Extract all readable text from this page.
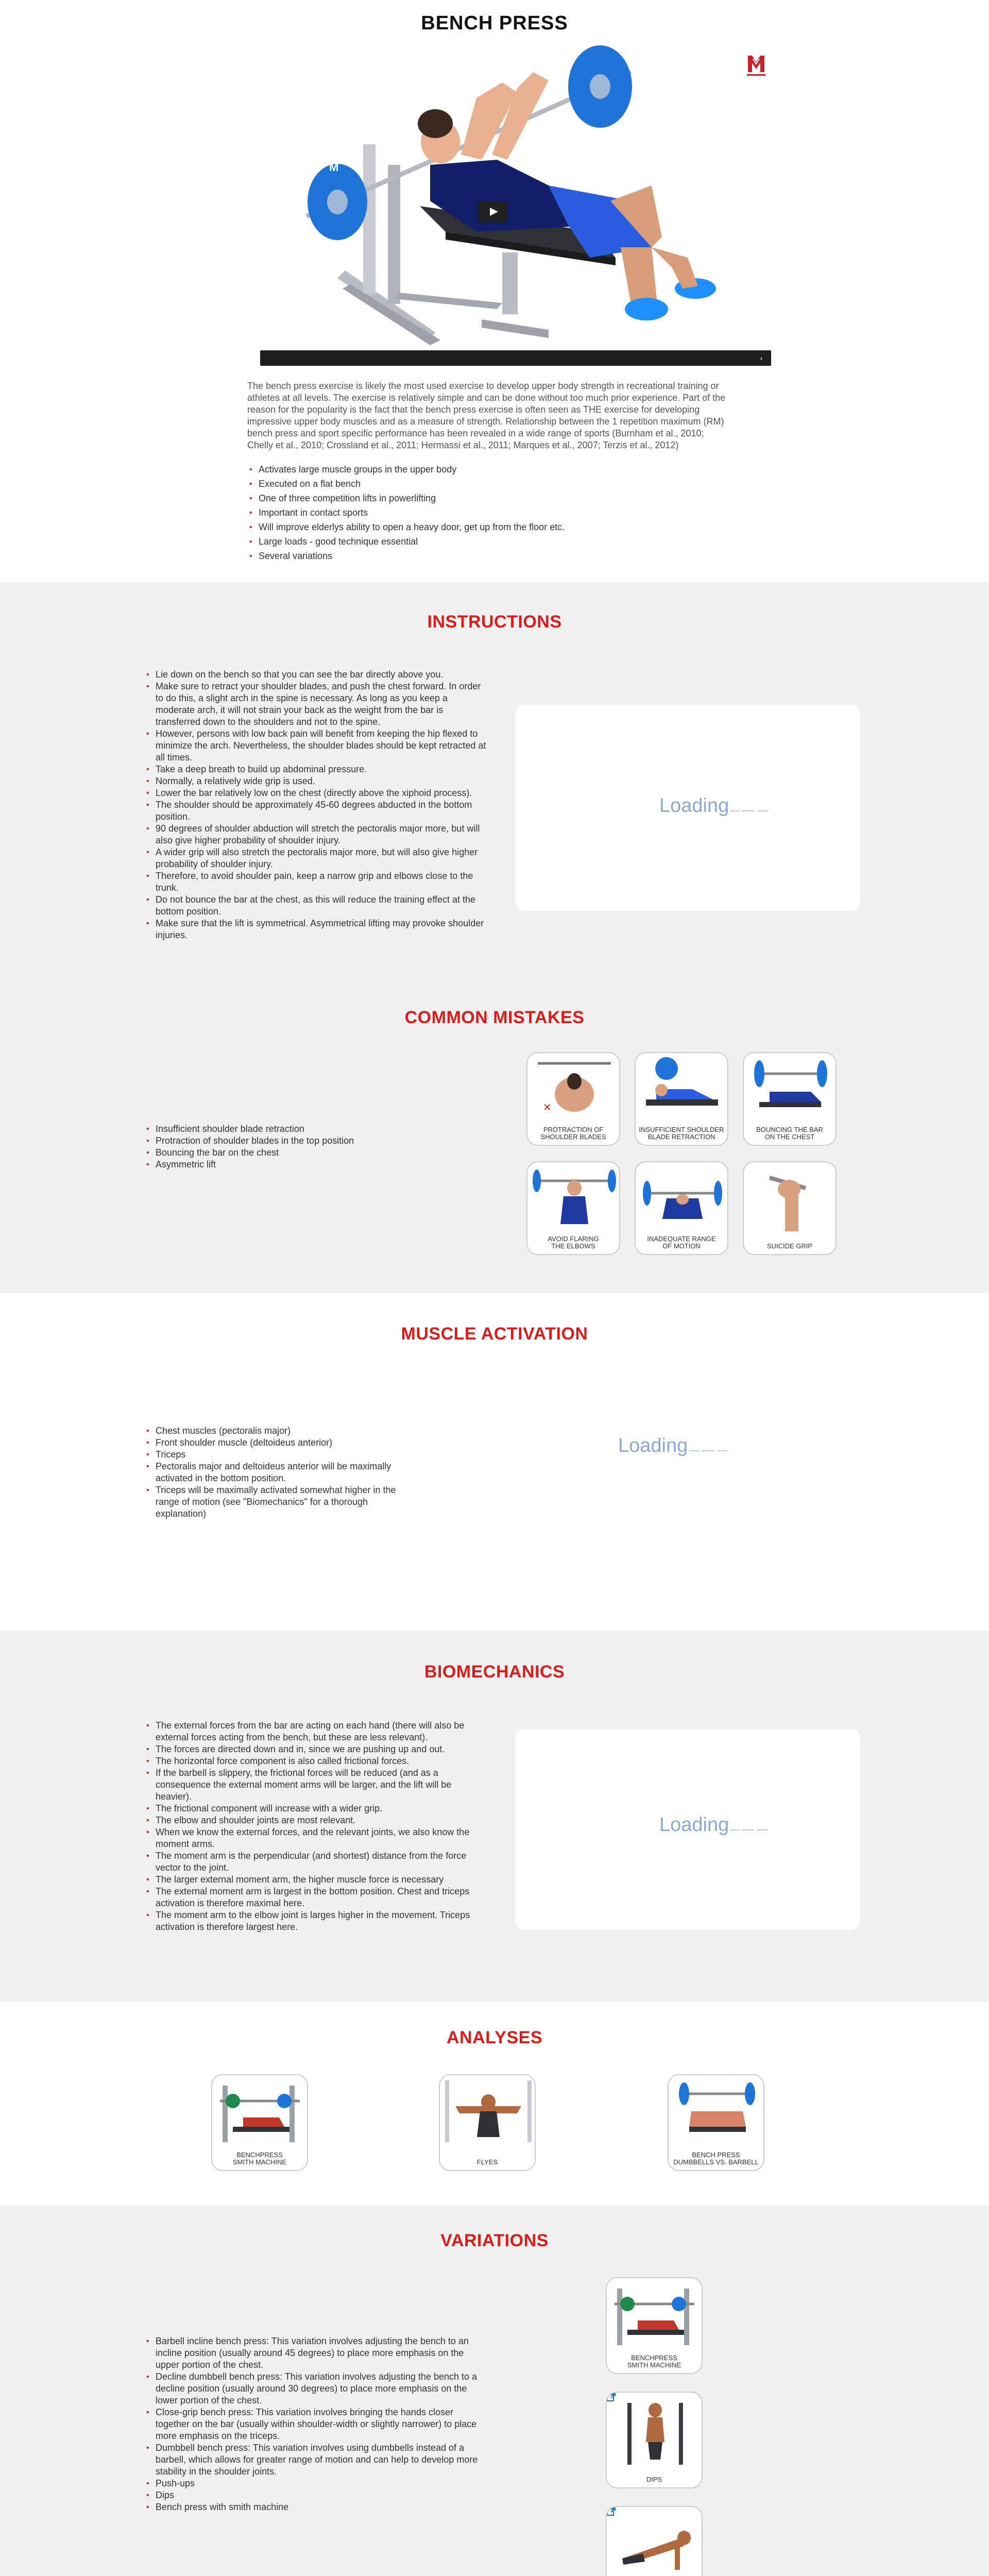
BENCH PRESS
M
‹

The bench press exercise is likely the most used exercise to develop upper body strength in recreational training or athletes at all levels. The exercise is relatively simple and can be done without too much prior experience. Part of the reason for the popularity is the fact that the bench press exercise is often seen as THE exercise for developing impressive upper body muscles and as a measure of strength. Relationship between the 1 repetition maximum (RM) bench press and sport specific performance has been revealed in a wide range of sports (Burnham et al., 2010; Chelly et al., 2010; Crossland et al., 2011; Hermassi et al., 2011; Marques et al., 2007; Terzis et al., 2012)

• Activates large muscle groups in the upper body
• Executed on a flat bench
• One of three competition lifts in powerlifting
• Important in contact sports
• Will improve elderlys ability to open a heavy door, get up from the floor etc.
• Large loads - good technique essential
• Several variations
INSTRUCTIONS
• Lie down on the bench so that you can see the bar directly above you.
• Make sure to retract your shoulder blades, and push the chest forward. In order to do this, a slight arch in the spine is necessary. As long as you keep a moderate arch, it will not strain your back as the weight from the bar is transferred down to the shoulders and not to the spine.
• However, persons with low back pain will benefit from keeping the hip flexed to minimize the arch. Nevertheless, the shoulder blades should be kept retracted at all times.
• Take a deep breath to build up abdominal pressure.
• Normally, a relatively wide grip is used.
• Lower the bar relatively low on the chest (directly above the xiphoid process).
• The shoulder should be approximately 45-60 degrees abducted in the bottom position.
• 90 degrees of shoulder abduction will stretch the pectoralis major more, but will also give higher probability of shoulder injury.
• A wider grip will also stretch the pectoralis major more, but will also give higher probability of shoulder injury.
• Therefore, to avoid shoulder pain, keep a narrow grip and elbows close to the trunk.
• Do not bounce the bar at the chest, as this will reduce the training effect at the bottom position.
• Make sure that the lift is symmetrical. Asymmetrical lifting may provoke shoulder injuries.
Loading
COMMON MISTAKES
• Insufficient shoulder blade retraction
• Protraction of shoulder blades in the top position
• Bouncing the bar on the chest
• Asymmetric lift
✕
PROTRACTION OF
SHOULDER BLADES
INSUFFICIENT SHOULDER
BLADE RETRACTION
BOUNCING THE BAR
ON THE CHEST
AVOID FLARING
THE ELBOWS
INADEQUATE RANGE
OF MOTION	SUICIDE GRIP
MUSCLE ACTIVATION
• Chest muscles (pectoralis major)
• Front shoulder muscle (deltoideus anterior)
• Triceps
• Pectoralis major and deltoideus anterior will be maximally activated in the bottom position.
• Triceps will be maximally activated somewhat higher in the range of motion (see "Biomechanics" for a thorough explanation)
Loading
BIOMECHANICS
• The external forces from the bar are acting on each hand (there will also be external forces acting from the bench, but these are less relevant).
• The forces are directed down and in, since we are pushing up and out.
• The horizontal force component is also called frictional forces.
• If the barbell is slippery, the frictional forces will be reduced (and as a consequence the external moment arms will be larger, and the lift will be heavier).
• The frictional component will increase with a wider grip.
• The elbow and shoulder joints are most relevant.
• When we know the external forces, and the relevant joints, we also know the moment arms.
• The moment arm is the perpendicular (and shortest) distance from the force vector to the joint.
• The larger external moment arm, the higher muscle force is necessary
• The external moment arm is largest in the bottom position. Chest and triceps activation is therefore maximal here.
• The moment arm to the elbow joint is larges higher in the movement. Triceps activation is therefore largest here.
Loading
ANALYSES
BENCHPRESS
SMITH MACHINE	FLYES
BENCH PRESS
DUMBBELLS VS. BARBELL
VARIATIONS
• Barbell incline bench press: This variation involves adjusting the bench to an incline position (usually around 45 degrees) to place more emphasis on the upper portion of the chest.
• Decline dumbbell bench press: This variation involves adjusting the bench to a decline position (usually around 30 degrees) to place more emphasis on the lower portion of the chest.
• Close-grip bench press: This variation involves bringing the hands closer together on the bar (usually within shoulder-width or slightly narrower) to place more emphasis on the triceps.
• Dumbbell bench press: This variation involves using dumbbells instead of a barbell, which allows for greater range of motion and can help to develop more stability in the shoulder joints.
• Push-ups
• Dips
• Bench press with smith machine
BENCHPRESS
SMITH MACHINE
DIPS
